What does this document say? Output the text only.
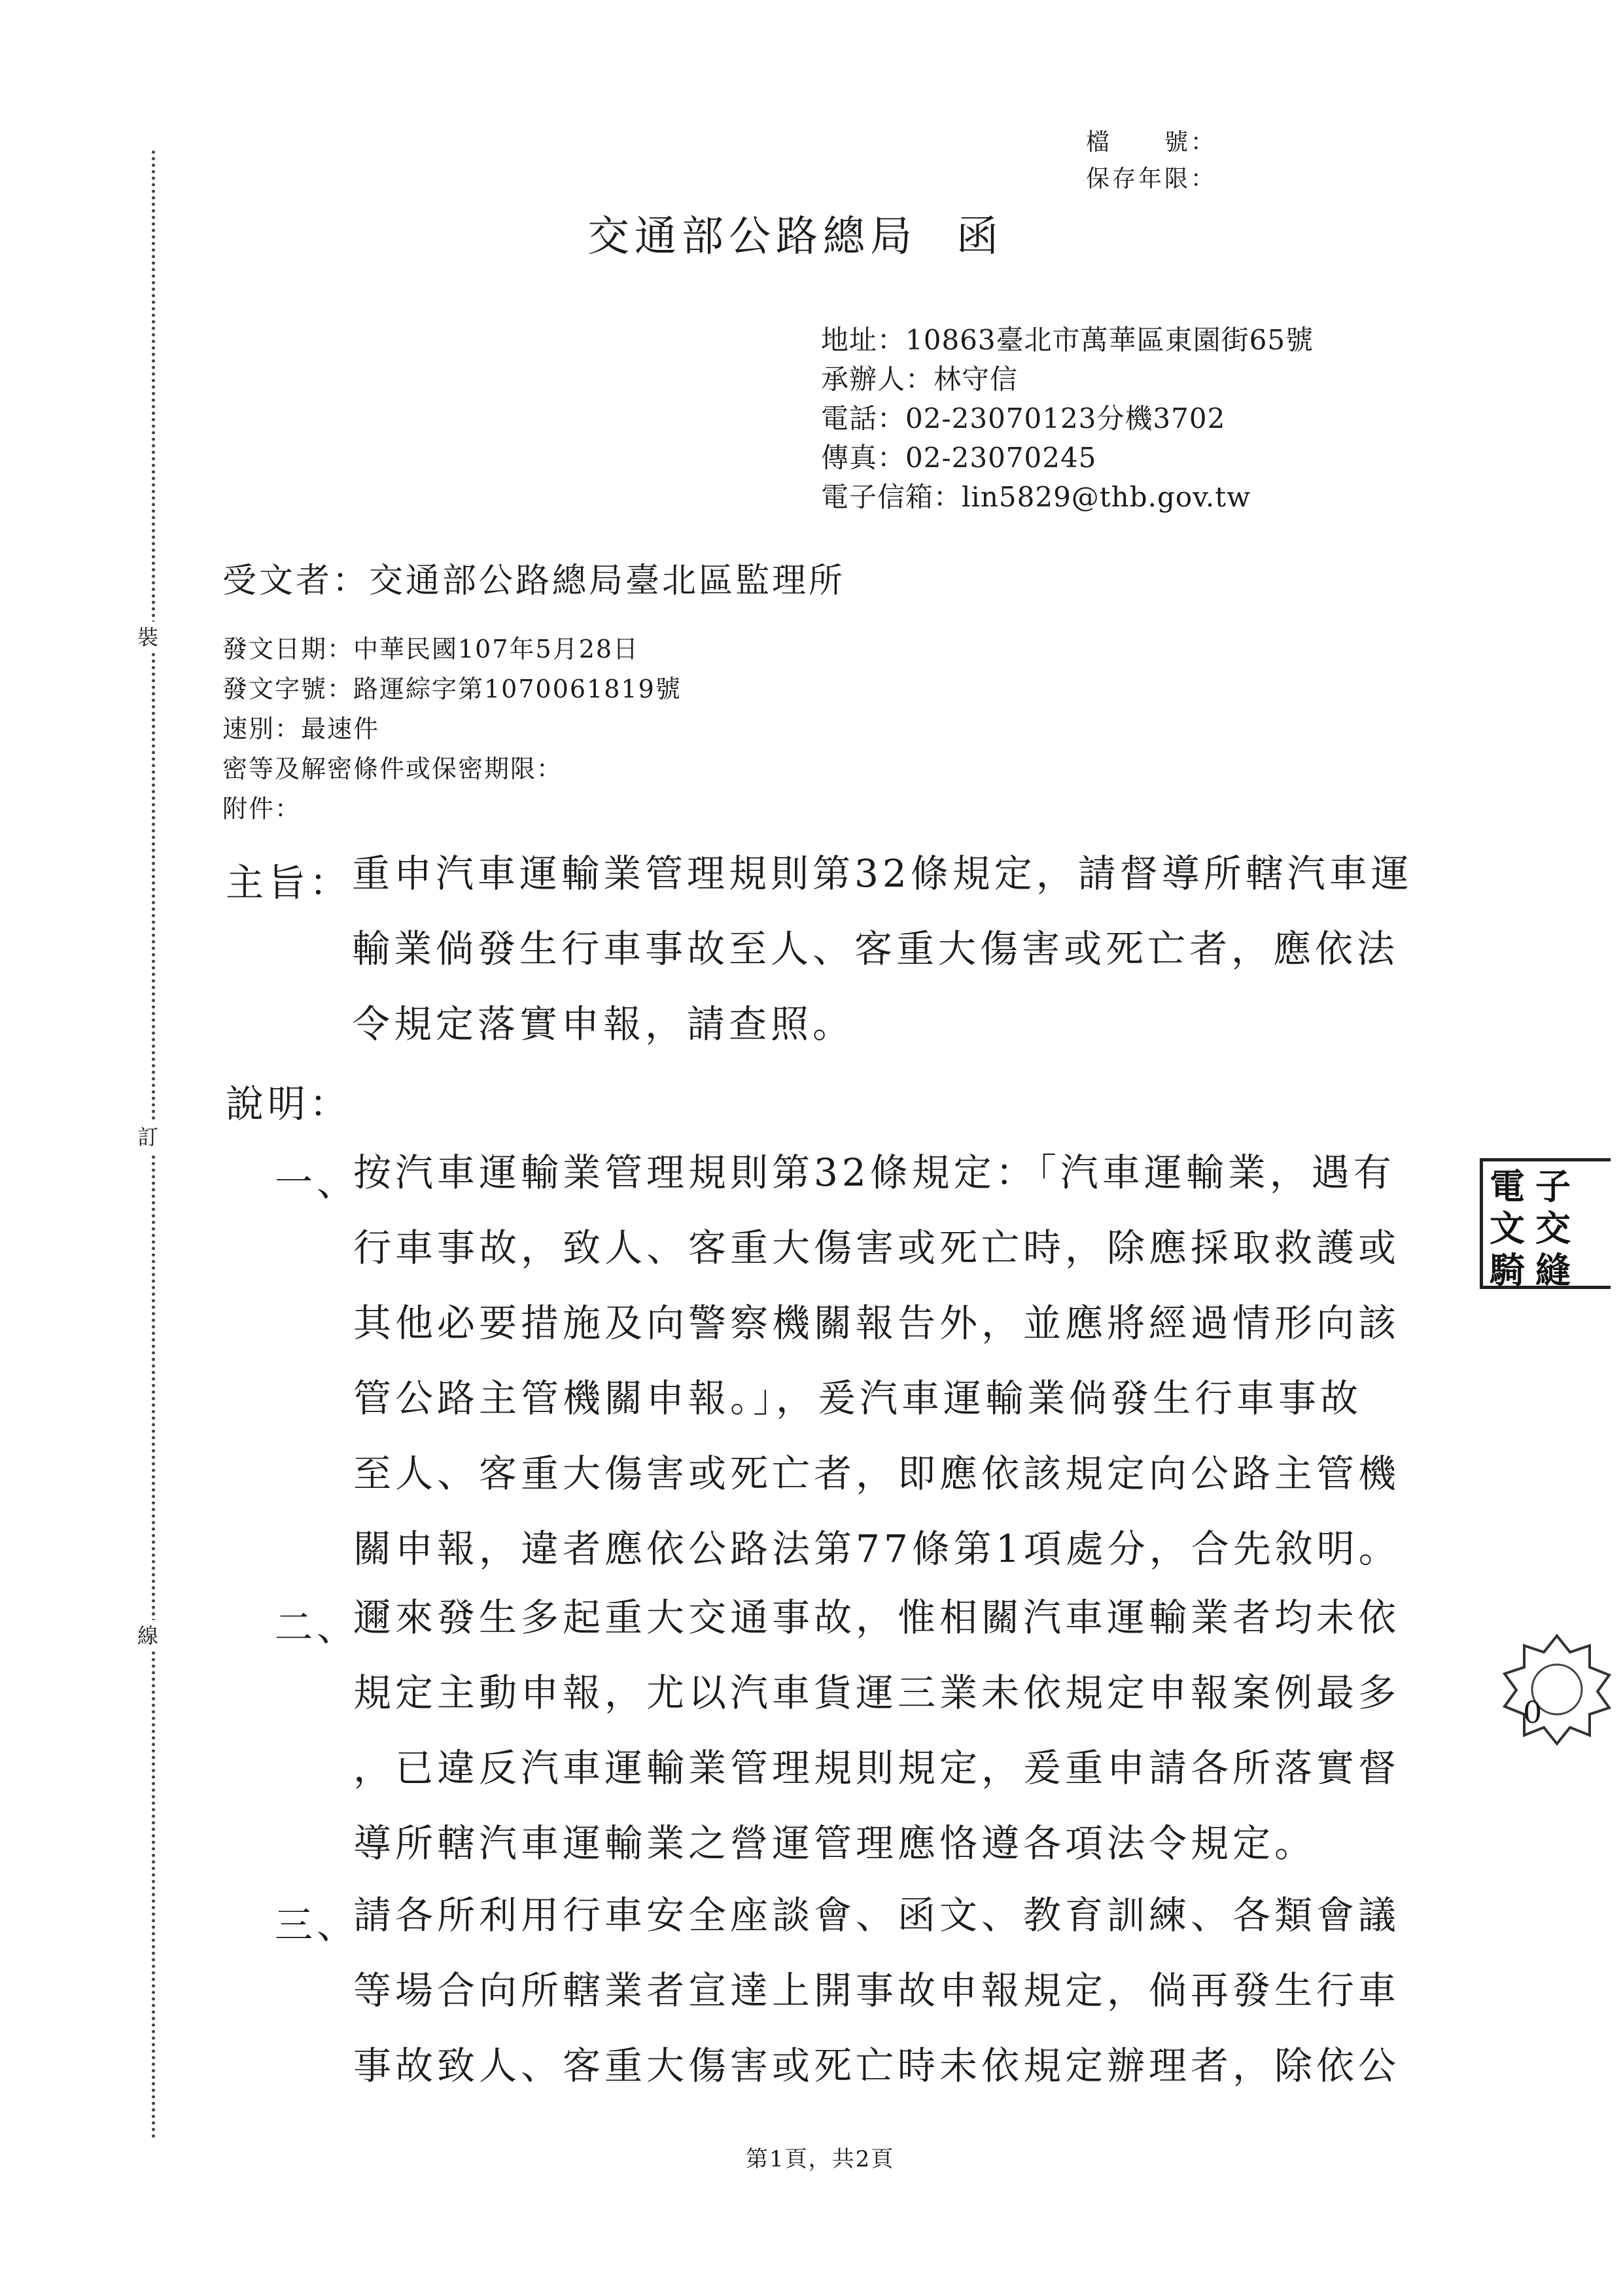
裝
訂
線
檔　　號：
保存年限：
交通部公路總局 函
地址：10863臺北市萬華區東園街65號
承辦人：林守信
電話：02-23070123分機3702
傳真：02-23070245
電子信箱：lin5829@thb.gov.tw
受文者：交通部公路總局臺北區監理所
發文日期：中華民國107年5月28日
發文字號：路運綜字第1070061819號
速別：最速件
密等及解密條件或保密期限：
附件：
主旨： 重申汽車運輸業管理規則第32條規定，請督導所轄汽車運
輸業倘發生行車事故至人、客重大傷害或死亡者，應依法
令規定落實申報，請查照。
說明：
一、
按汽車運輸業管理規則第32條規定：「汽車運輸業，遇有
行車事故，致人、客重大傷害或死亡時，除應採取救護或
其他必要措施及向警察機關報告外，並應將經過情形向該
管公路主管機關申報。」，爰汽車運輸業倘發生行車事故
至人、客重大傷害或死亡者，即應依該規定向公路主管機
關申報，違者應依公路法第77條第1項處分，合先敘明。
二、
邇來發生多起重大交通事故，惟相關汽車運輸業者均未依
規定主動申報，尤以汽車貨運三業未依規定申報案例最多
，已違反汽車運輸業管理規則規定，爰重申請各所落實督
導所轄汽車運輸業之營運管理應恪遵各項法令規定。
三、
請各所利用行車安全座談會、函文、教育訓練、各類會議
等場合向所轄業者宣達上開事故申報規定，倘再發生行車
事故致人、客重大傷害或死亡時未依規定辦理者，除依公
電文騎
子交縫
0
第1頁，共2頁
